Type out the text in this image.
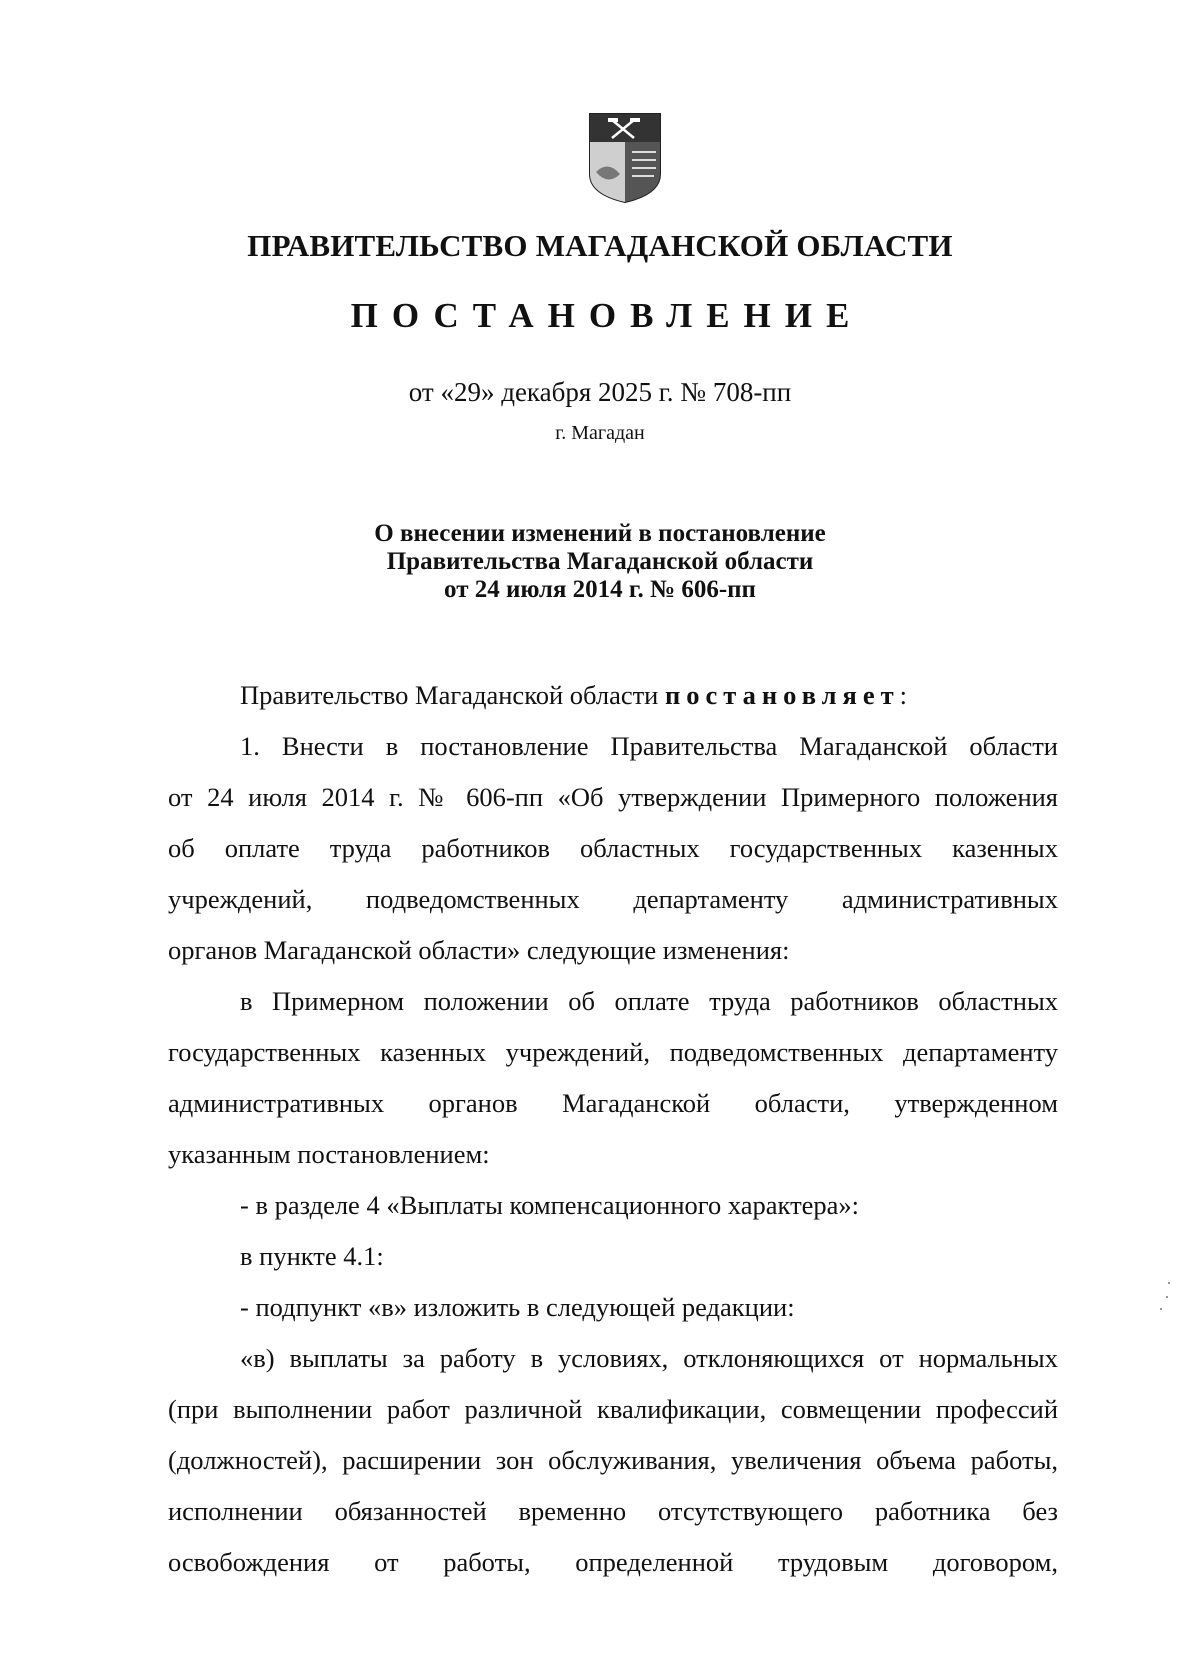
ПРАВИТЕЛЬСТВО МАГАДАНСКОЙ ОБЛАСТИ
ПОСТАНОВЛЕНИЕ
от «29» декабря 2025 г. № 708-пп
г. Магадан
О внесении изменений в постановление
Правительства Магаданской области
от 24 июля 2014 г. № 606-пп
Правительство Магаданской области постановляет:
1. Внести в постановление Правительства Магаданской области
от 24 июля 2014 г. № 606-пп «Об утверждении Примерного положения
об оплате труда работников областных государственных казенных
учреждений, подведомственных департаменту административных
органов Магаданской области» следующие изменения:
в Примерном положении об оплате труда работников областных
государственных казенных учреждений, подведомственных департаменту
административных органов Магаданской области, утвержденном
указанным постановлением:
- в разделе 4 «Выплаты компенсационного характера»:
в пункте 4.1:
- подпункт «в» изложить в следующей редакции:
«в) выплаты за работу в условиях, отклоняющихся от нормальных
(при выполнении работ различной квалификации, совмещении профессий
(должностей), расширении зон обслуживания, увеличения объема работы,
исполнении обязанностей временно отсутствующего работника без
освобождения от работы, определенной трудовым договором,
